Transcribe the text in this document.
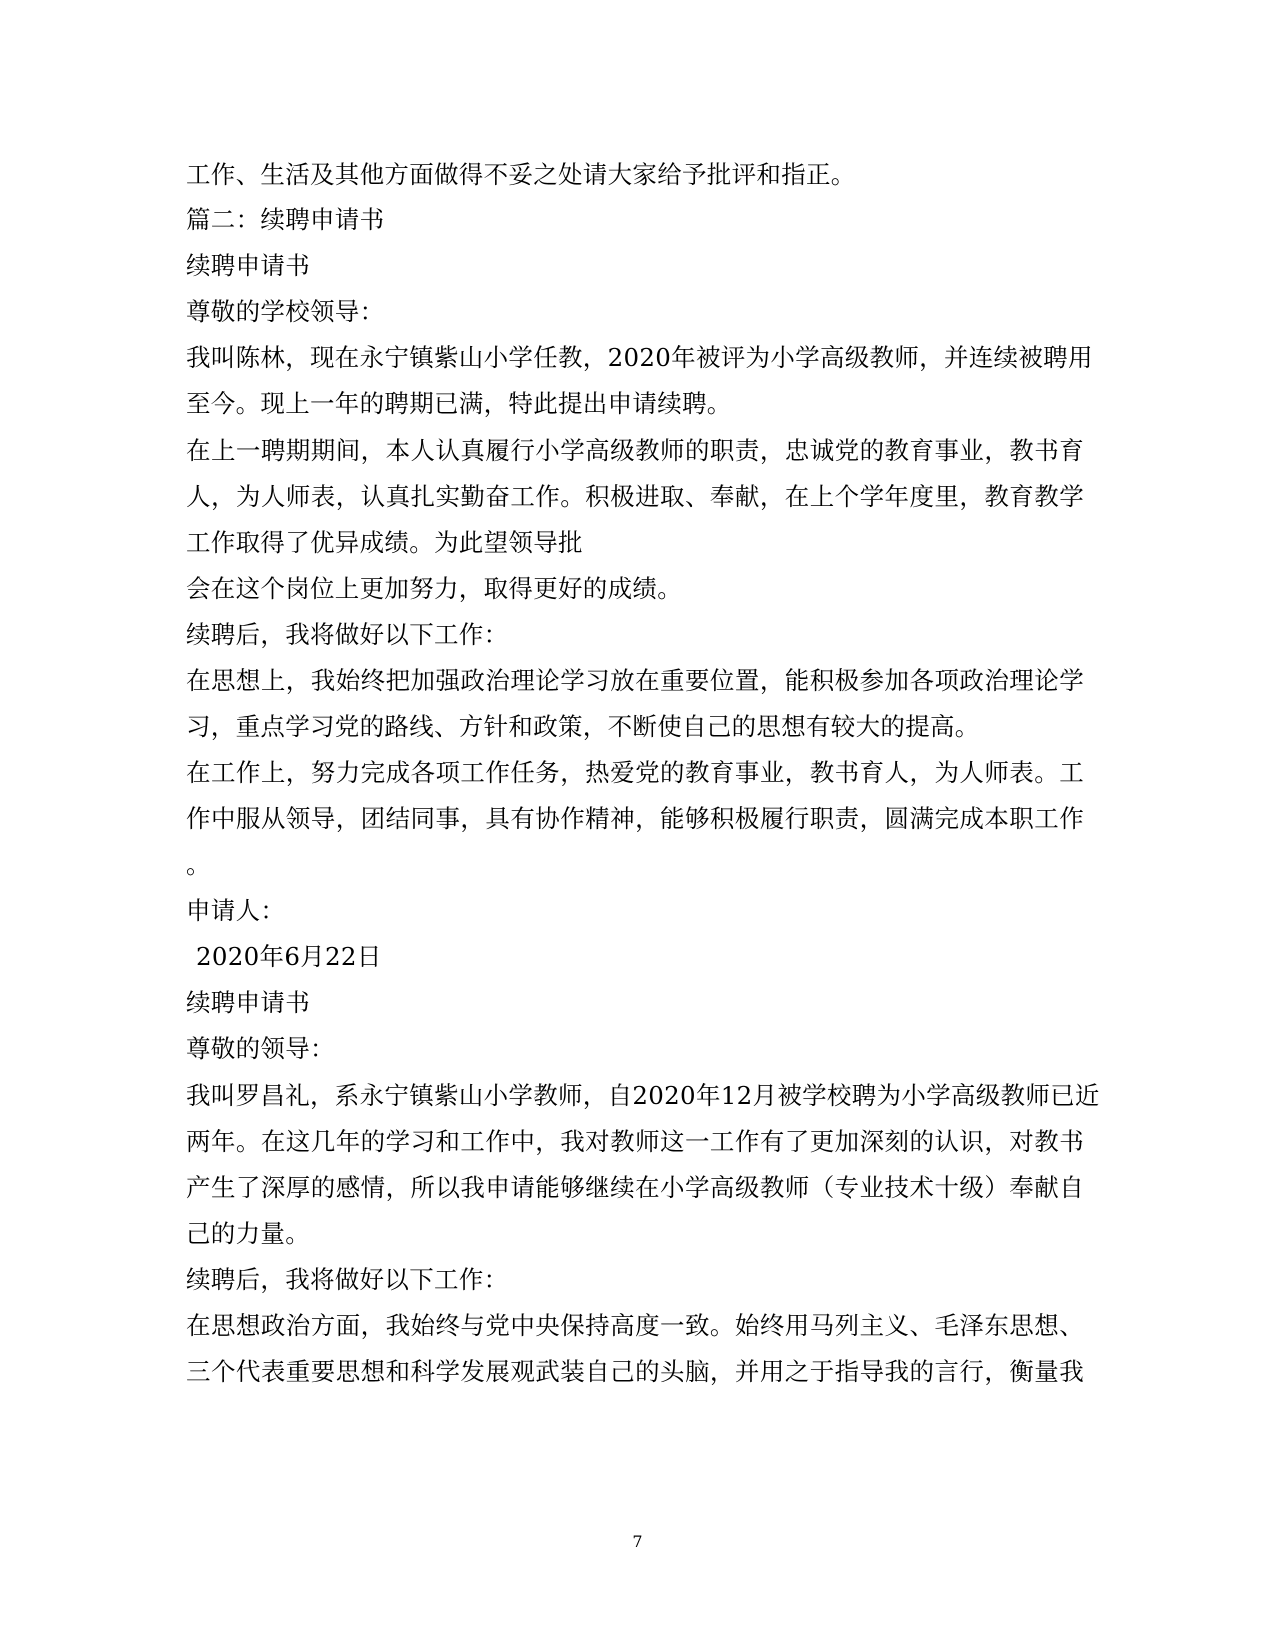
工作、生活及其他方面做得不妥之处请大家给予批评和指正。
篇二：续聘申请书
续聘申请书
尊敬的学校领导：
我叫陈林，现在永宁镇紫山小学任教，2020年被评为小学高级教师，并连续被聘用
至今。现上一年的聘期已满，特此提出申请续聘。
在上一聘期期间，本人认真履行小学高级教师的职责，忠诚党的教育事业，教书育
人，为人师表，认真扎实勤奋工作。积极进取、奉献，在上个学年度里，教育教学
工作取得了优异成绩。为此望领导批
会在这个岗位上更加努力，取得更好的成绩。
续聘后，我将做好以下工作：
在思想上，我始终把加强政治理论学习放在重要位置，能积极参加各项政治理论学
习，重点学习党的路线、方针和政策，不断使自己的思想有较大的提高。
在工作上，努力完成各项工作任务，热爱党的教育事业，教书育人，为人师表。工
作中服从领导，团结同事，具有协作精神，能够积极履行职责，圆满完成本职工作
。
申请人：
2020年6月22日
续聘申请书
尊敬的领导：
我叫罗昌礼，系永宁镇紫山小学教师，自2020年12月被学校聘为小学高级教师已近
两年。在这几年的学习和工作中，我对教师这一工作有了更加深刻的认识，对教书
产生了深厚的感情，所以我申请能够继续在小学高级教师（专业技术十级）奉献自
己的力量。
续聘后，我将做好以下工作：
在思想政治方面，我始终与党中央保持高度一致。始终用马列主义、毛泽东思想、
三个代表重要思想和科学发展观武装自己的头脑，并用之于指导我的言行，衡量我
7
